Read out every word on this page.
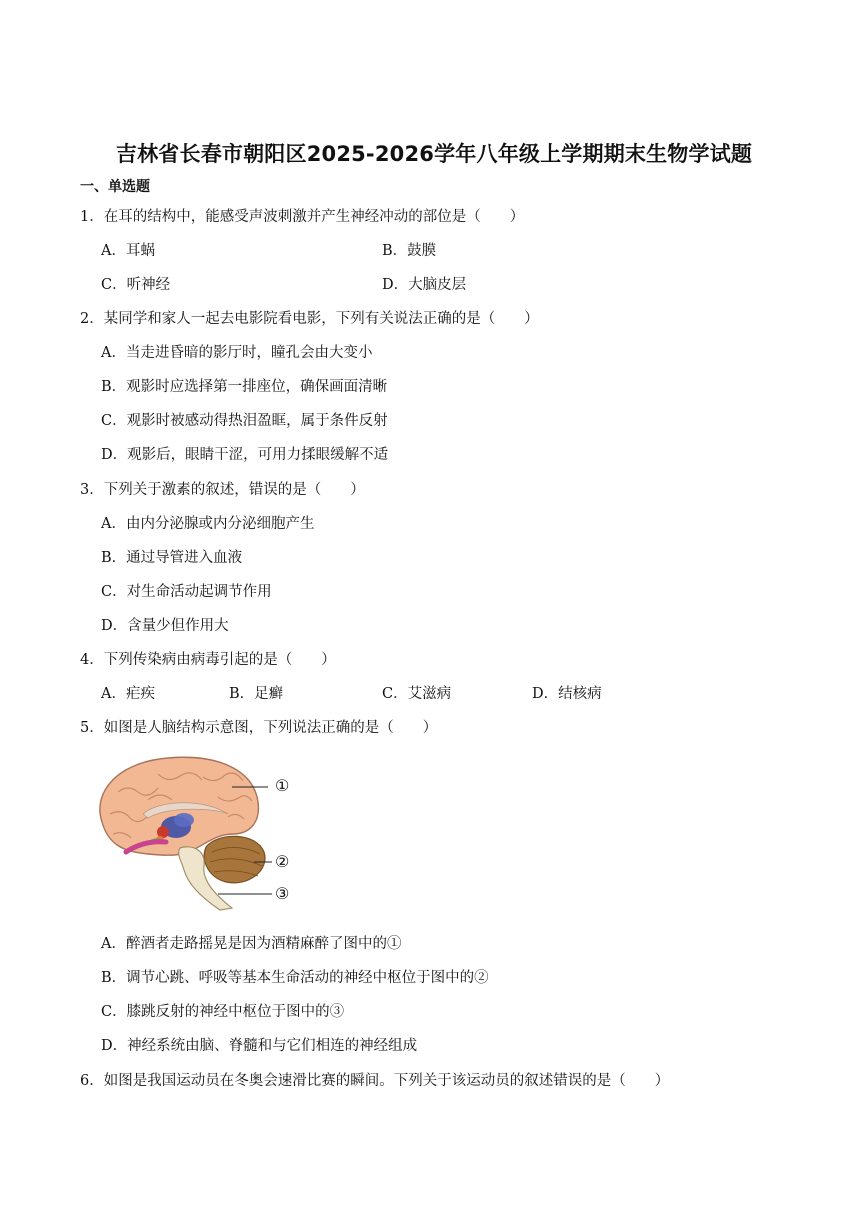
吉林省长春市朝阳区2025-2026学年八年级上学期期末生物学试题
一、单选题
1．在耳的结构中，能感受声波刺激并产生神经冲动的部位是（　　）
A．耳蜗	B．鼓膜
C．听神经	D．大脑皮层
2．某同学和家人一起去电影院看电影，下列有关说法正确的是（　　）
A．当走进昏暗的影厅时，瞳孔会由大变小
B．观影时应选择第一排座位，确保画面清晰
C．观影时被感动得热泪盈眶，属于条件反射
D．观影后，眼睛干涩，可用力揉眼缓解不适
3．下列关于激素的叙述，错误的是（　　）
A．由内分泌腺或内分泌细胞产生
B．通过导管进入血液
C．对生命活动起调节作用
D．含量少但作用大
4．下列传染病由病毒引起的是（　　）
A．疟疾	B．足癣	C．艾滋病	D．结核病
5．如图是人脑结构示意图，下列说法正确的是（　　）
①
②
③
A．醉酒者走路摇晃是因为酒精麻醉了图中的①
B．调节心跳、呼吸等基本生命活动的神经中枢位于图中的②
C．膝跳反射的神经中枢位于图中的③
D．神经系统由脑、脊髓和与它们相连的神经组成
6．如图是我国运动员在冬奥会速滑比赛的瞬间。下列关于该运动员的叙述错误的是（　　）
